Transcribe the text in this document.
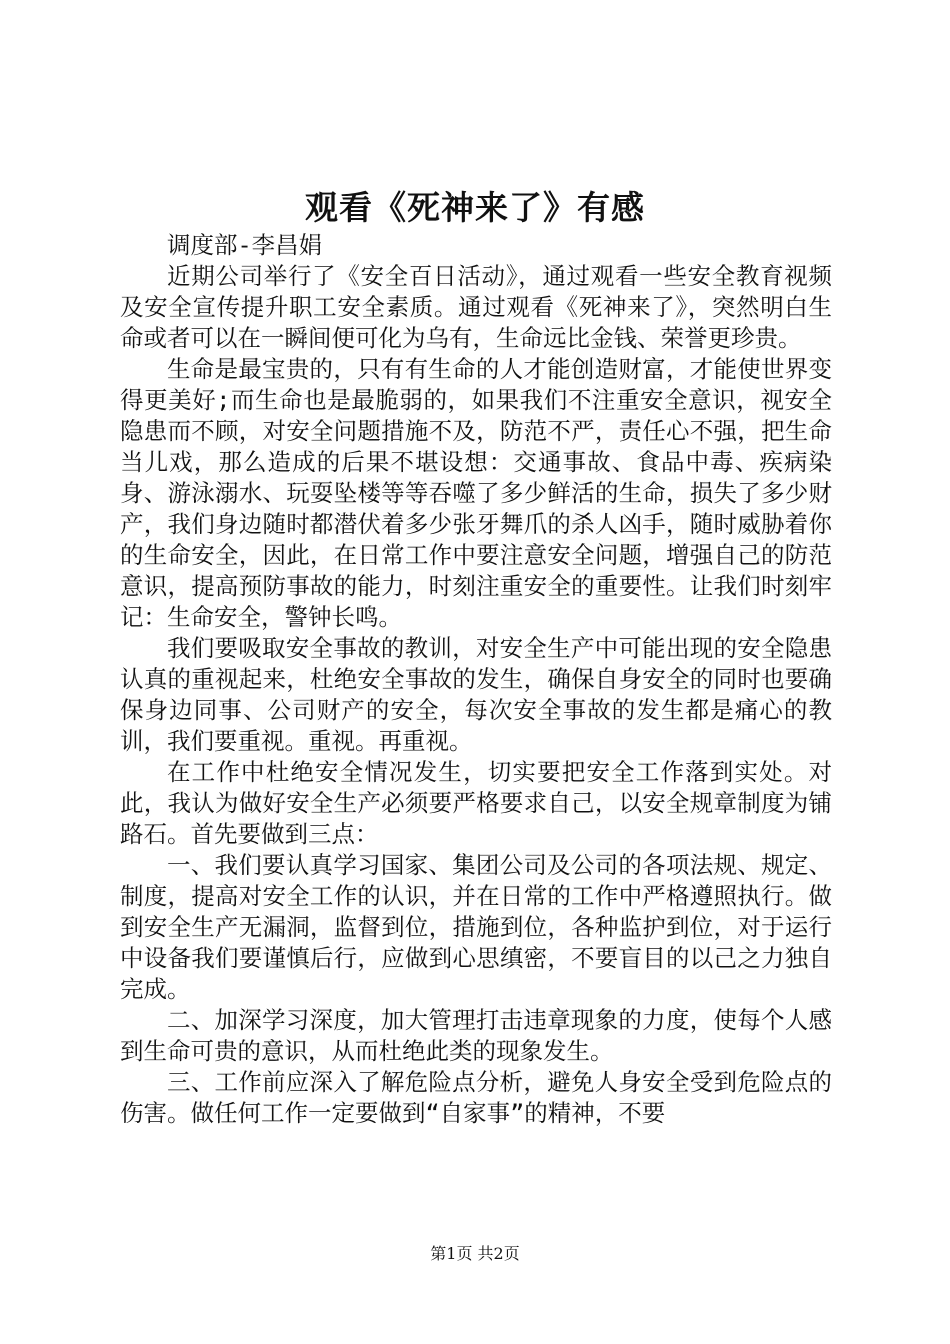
观看《死神来了》有感

调度部-李昌娟

近期公司举行了《安全百日活动》，通过观看一些安全教育视频及安全宣传提升职工安全素质。通过观看《死神来了》，突然明白生命或者可以在一瞬间便可化为乌有，生命远比金钱、荣誉更珍贵。

生命是最宝贵的，只有有生命的人才能创造财富，才能使世界变得更美好;而生命也是最脆弱的，如果我们不注重安全意识，视安全隐患而不顾，对安全问题措施不及，防范不严，责任心不强，把生命当儿戏，那么造成的后果不堪设想：交通事故、食品中毒、疾病染身、游泳溺水、玩耍坠楼等等吞噬了多少鲜活的生命，损失了多少财产，我们身边随时都潜伏着多少张牙舞爪的杀人凶手，随时威胁着你的生命安全，因此，在日常工作中要注意安全问题，增强自己的防范意识，提高预防事故的能力，时刻注重安全的重要性。让我们时刻牢记：生命安全，警钟长鸣。

我们要吸取安全事故的教训，对安全生产中可能出现的安全隐患认真的重视起来，杜绝安全事故的发生，确保自身安全的同时也要确保身边同事、公司财产的安全，每次安全事故的发生都是痛心的教训，我们要重视。重视。再重视。

在工作中杜绝安全情况发生，切实要把安全工作落到实处。对此，我认为做好安全生产必须要严格要求自己，以安全规章制度为铺路石。首先要做到三点：

一、我们要认真学习国家、集团公司及公司的各项法规、规定、制度，提高对安全工作的认识，并在日常的工作中严格遵照执行。做到安全生产无漏洞，监督到位，措施到位，各种监护到位，对于运行中设备我们要谨慎后行，应做到心思缜密，不要盲目的以己之力独自完成。

二、加深学习深度，加大管理打击违章现象的力度，使每个人感到生命可贵的意识，从而杜绝此类的现象发生。

三、工作前应深入了解危险点分析，避免人身安全受到危险点的伤害。做任何工作一定要做到“自家事”的精神，不要

第1页 共2页
